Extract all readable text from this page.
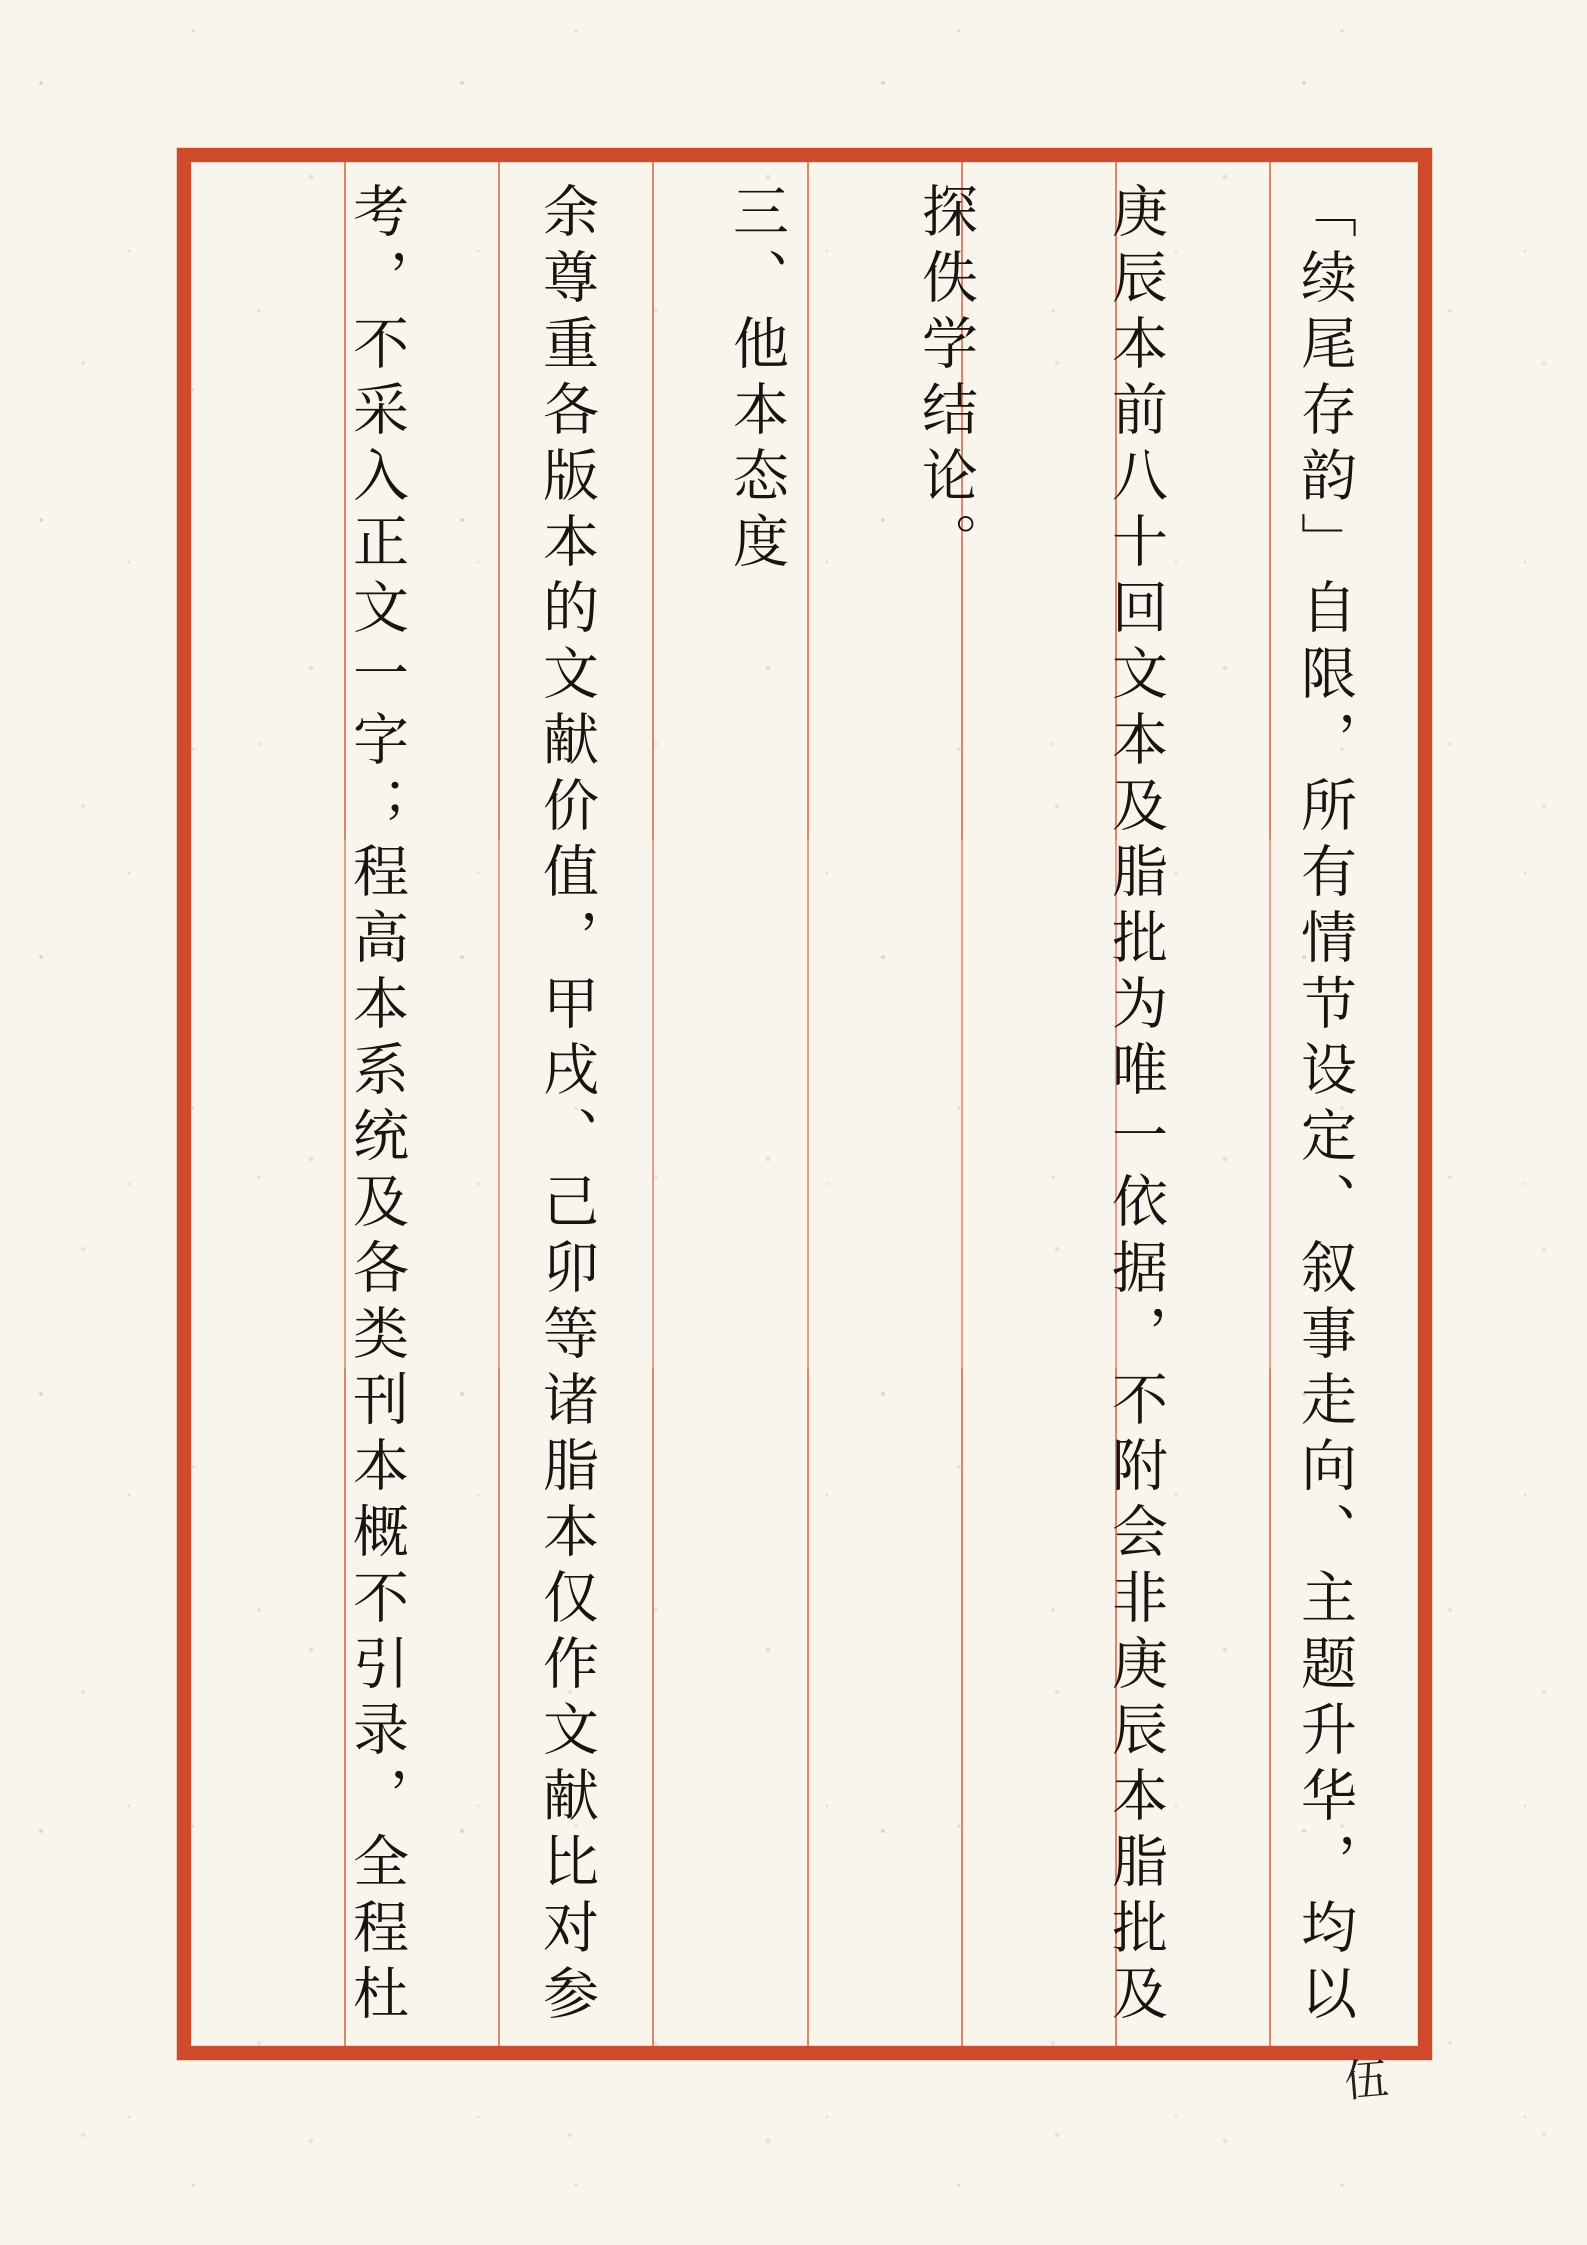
「续尾存韵」自限，所有情节设定、叙事走向、主题升华，均以
庚辰本前八十回文本及脂批为唯一依据，不附会非庚辰本脂批及
探佚学结论。
三、他本态度
余尊重各版本的文献价值，甲戌、己卯等诸脂本仅作文献比对参
考，不采入正文一字；程高本系统及各类刊本概不引录，全程杜
伍
